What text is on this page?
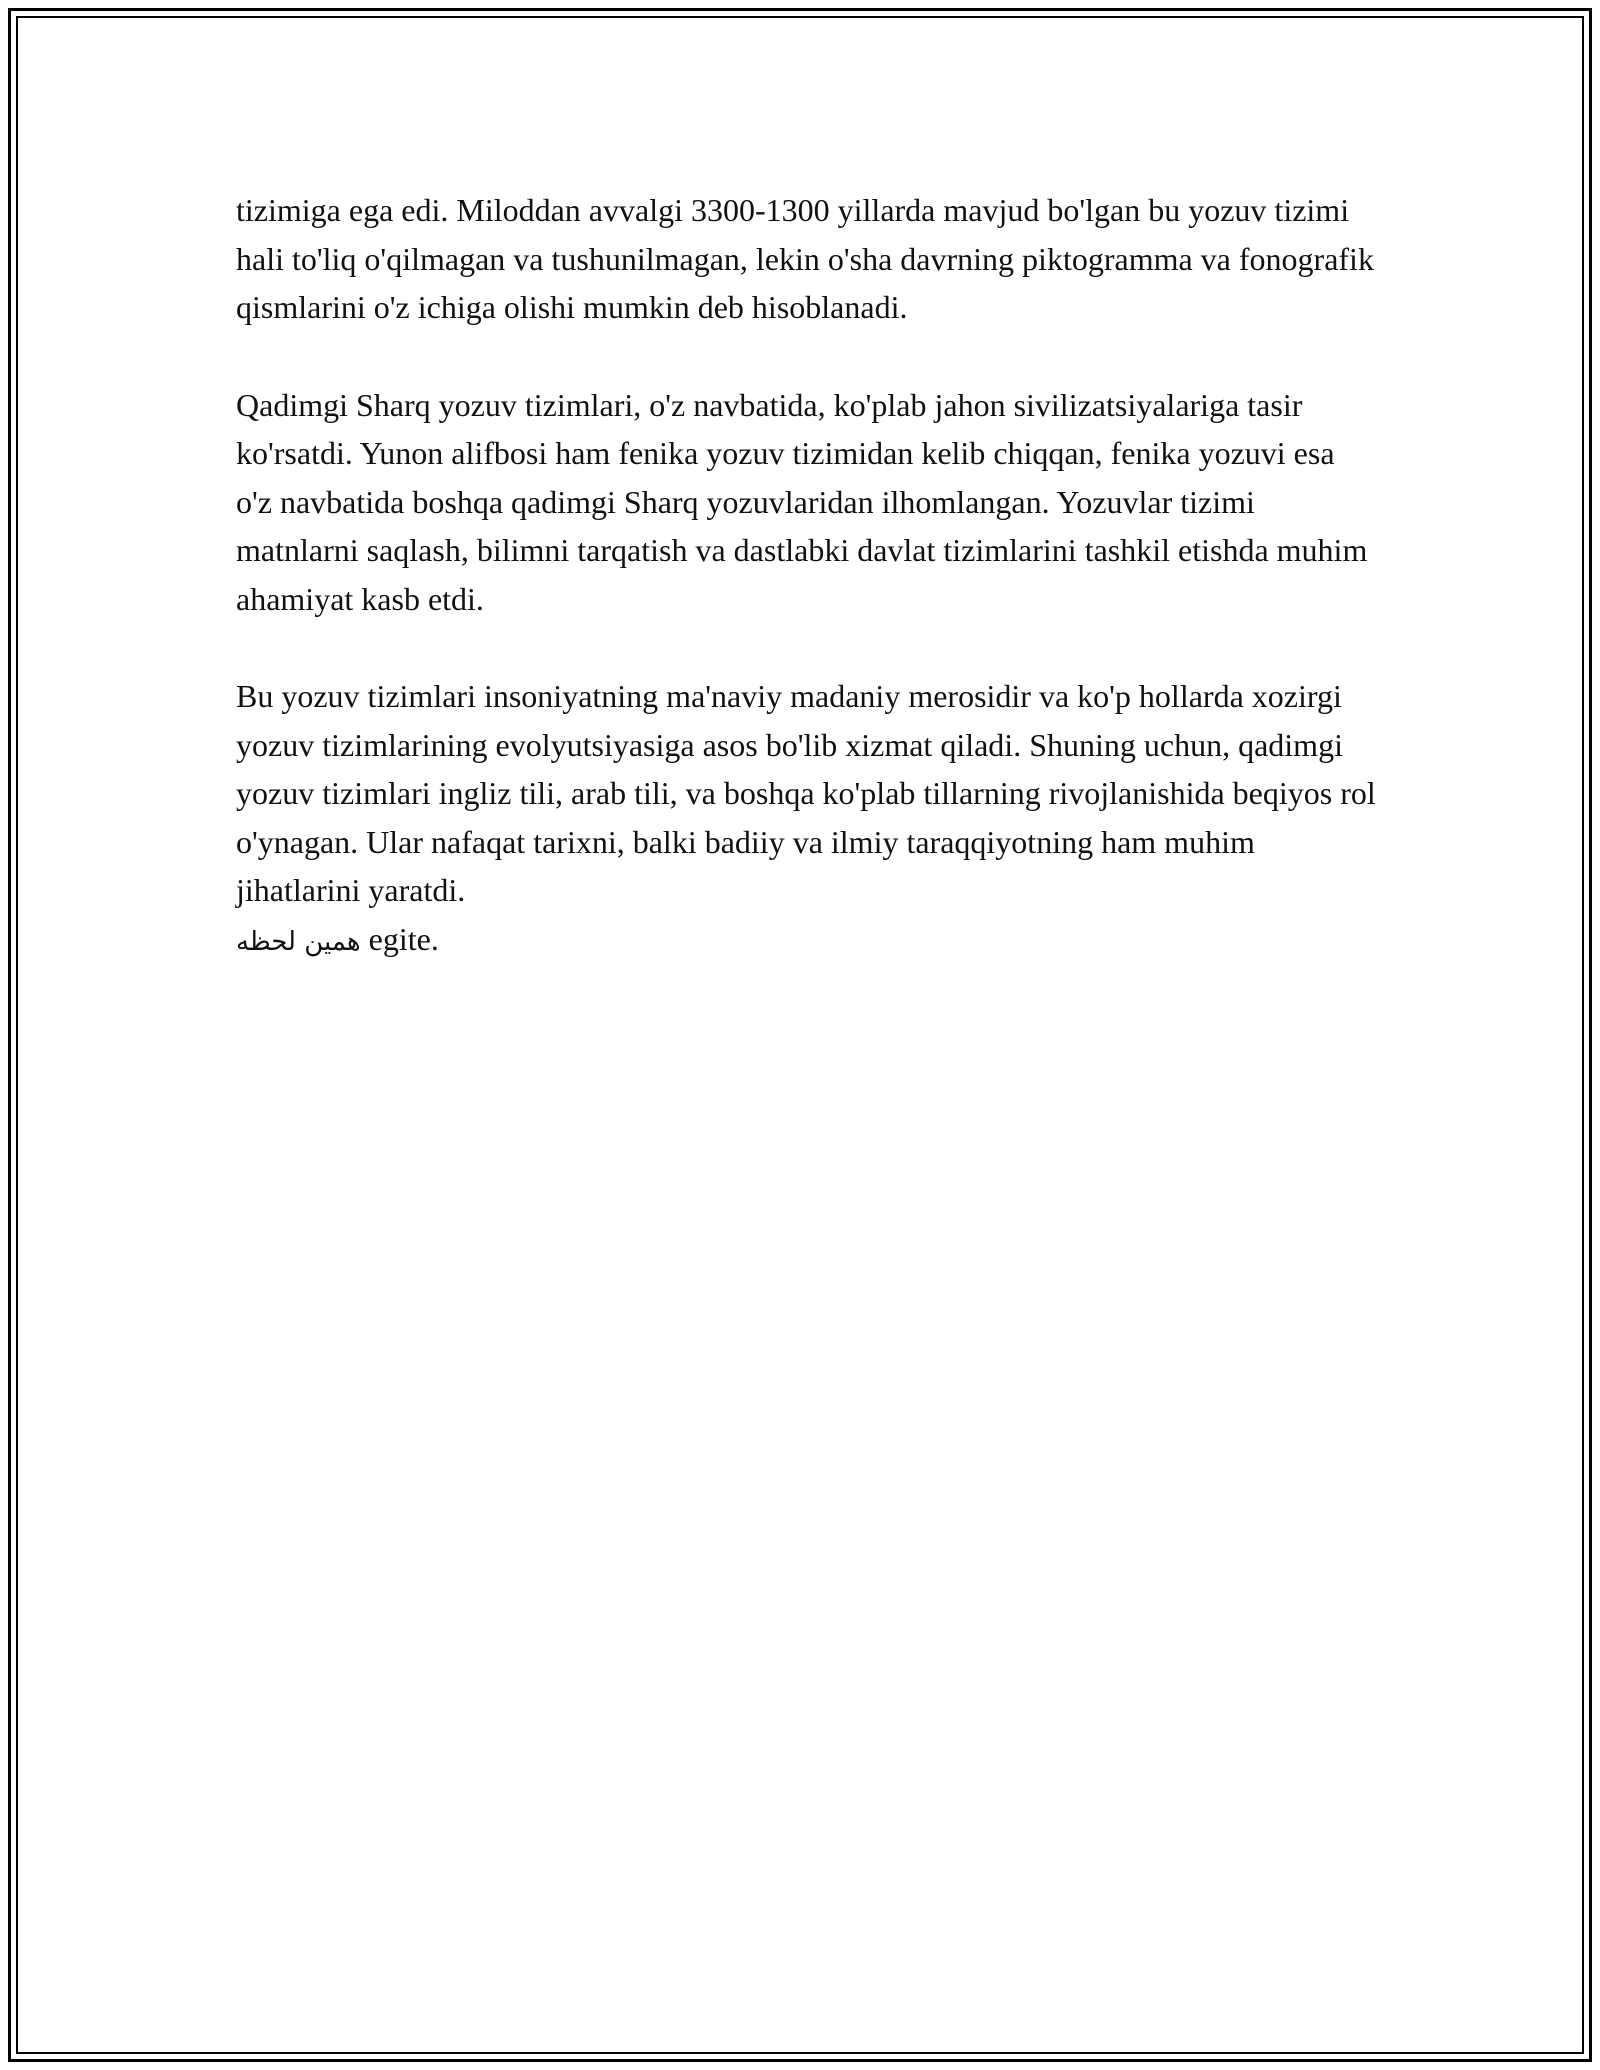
tizimiga ega edi. Miloddan avvalgi 3300-1300 yillarda mavjud bo'lgan bu yozuv tizimi hali to'liq o'qilmagan va tushunilmagan, lekin o'sha davrning piktogramma va fonografik qismlarini o'z ichiga olishi mumkin deb hisoblanadi.

Qadimgi Sharq yozuv tizimlari, o'z navbatida, ko'plab jahon sivilizatsiyalariga tasir ko'rsatdi. Yunon alifbosi ham fenika yozuv tizimidan kelib chiqqan, fenika yozuvi esa o'z navbatida boshqa qadimgi Sharq yozuvlaridan ilhomlangan. Yozuvlar tizimi matnlarni saqlash, bilimni tarqatish va dastlabki davlat tizimlarini tashkil etishda muhim ahamiyat kasb etdi.

Bu yozuv tizimlari insoniyatning ma'naviy madaniy merosidir va ko'p hollarda xozirgi yozuv tizimlarining evolyutsiyasiga asos bo'lib xizmat qiladi. Shuning uchun, qadimgi yozuv tizimlari ingliz tili, arab tili, va boshqa ko'plab tillarning rivojlanishida beqiyos rol o'ynagan. Ular nafaqat tarixni, balki badiiy va ilmiy taraqqiyotning ham muhim jihatlarini yaratdi.
همین لحظه egite.
